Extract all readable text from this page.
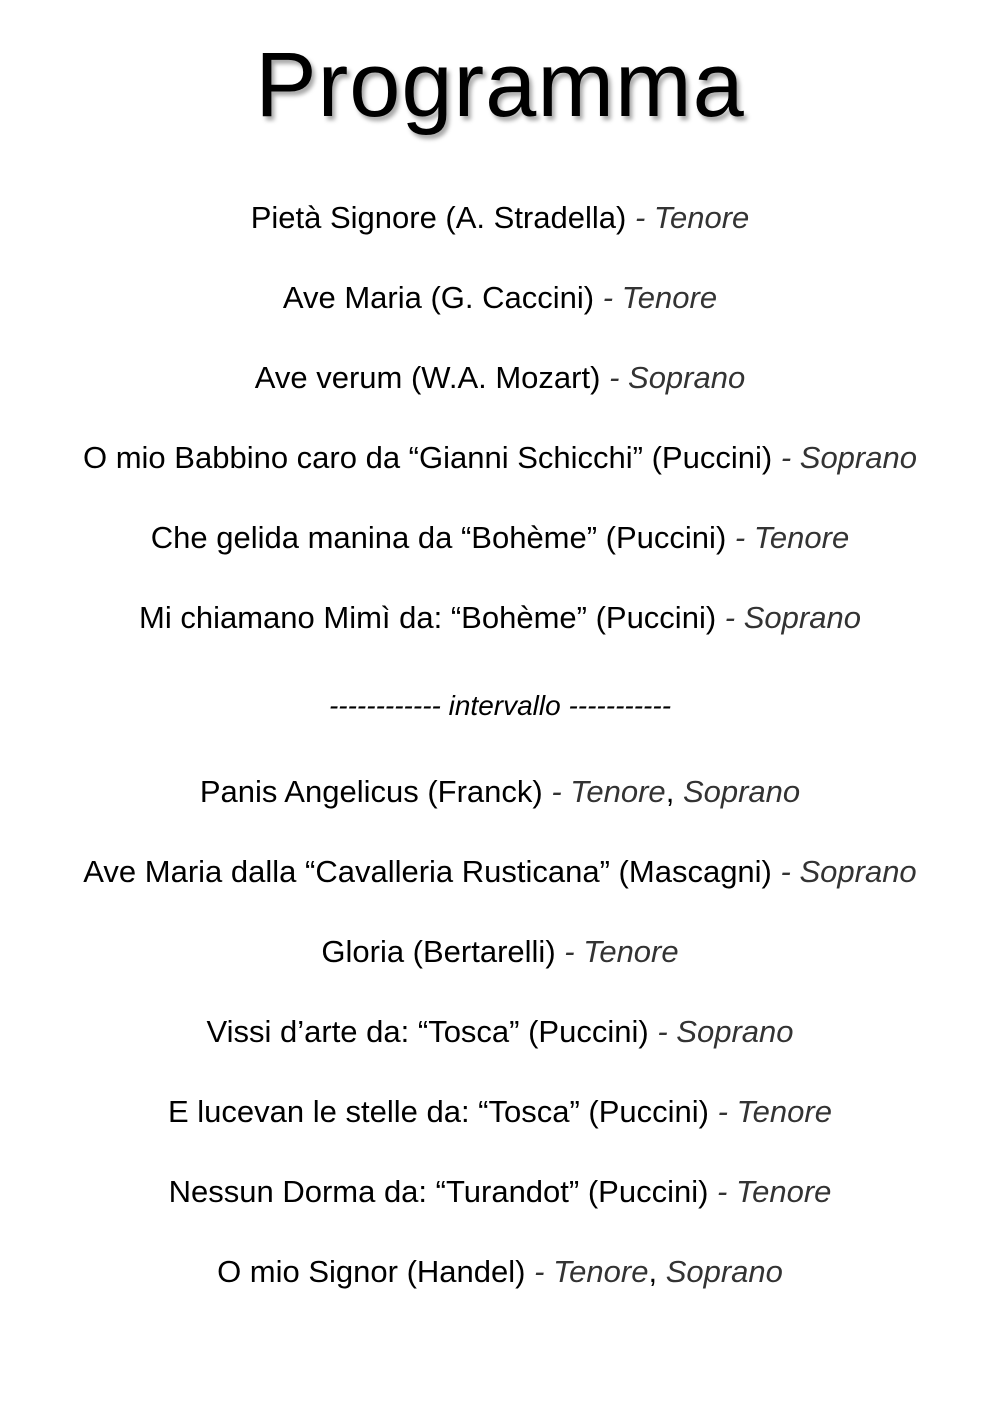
Programma
Pietà Signore (A. Stradella) - Tenore
Ave Maria (G. Caccini) - Tenore
Ave verum (W.A. Mozart) - Soprano
O mio Babbino caro da “Gianni Schicchi” (Puccini) - Soprano
Che gelida manina da “Bohème” (Puccini) - Tenore
Mi chiamano Mimì da: “Bohème” (Puccini) - Soprano
------------ intervallo -----------
Panis Angelicus (Franck) - Tenore, Soprano
Ave Maria dalla “Cavalleria Rusticana” (Mascagni) - Soprano
Gloria (Bertarelli) - Tenore
Vissi d’arte da: “Tosca” (Puccini) - Soprano
E lucevan le stelle da: “Tosca” (Puccini) - Tenore
Nessun Dorma da: “Turandot” (Puccini) - Tenore
O mio Signor (Handel) - Tenore, Soprano
